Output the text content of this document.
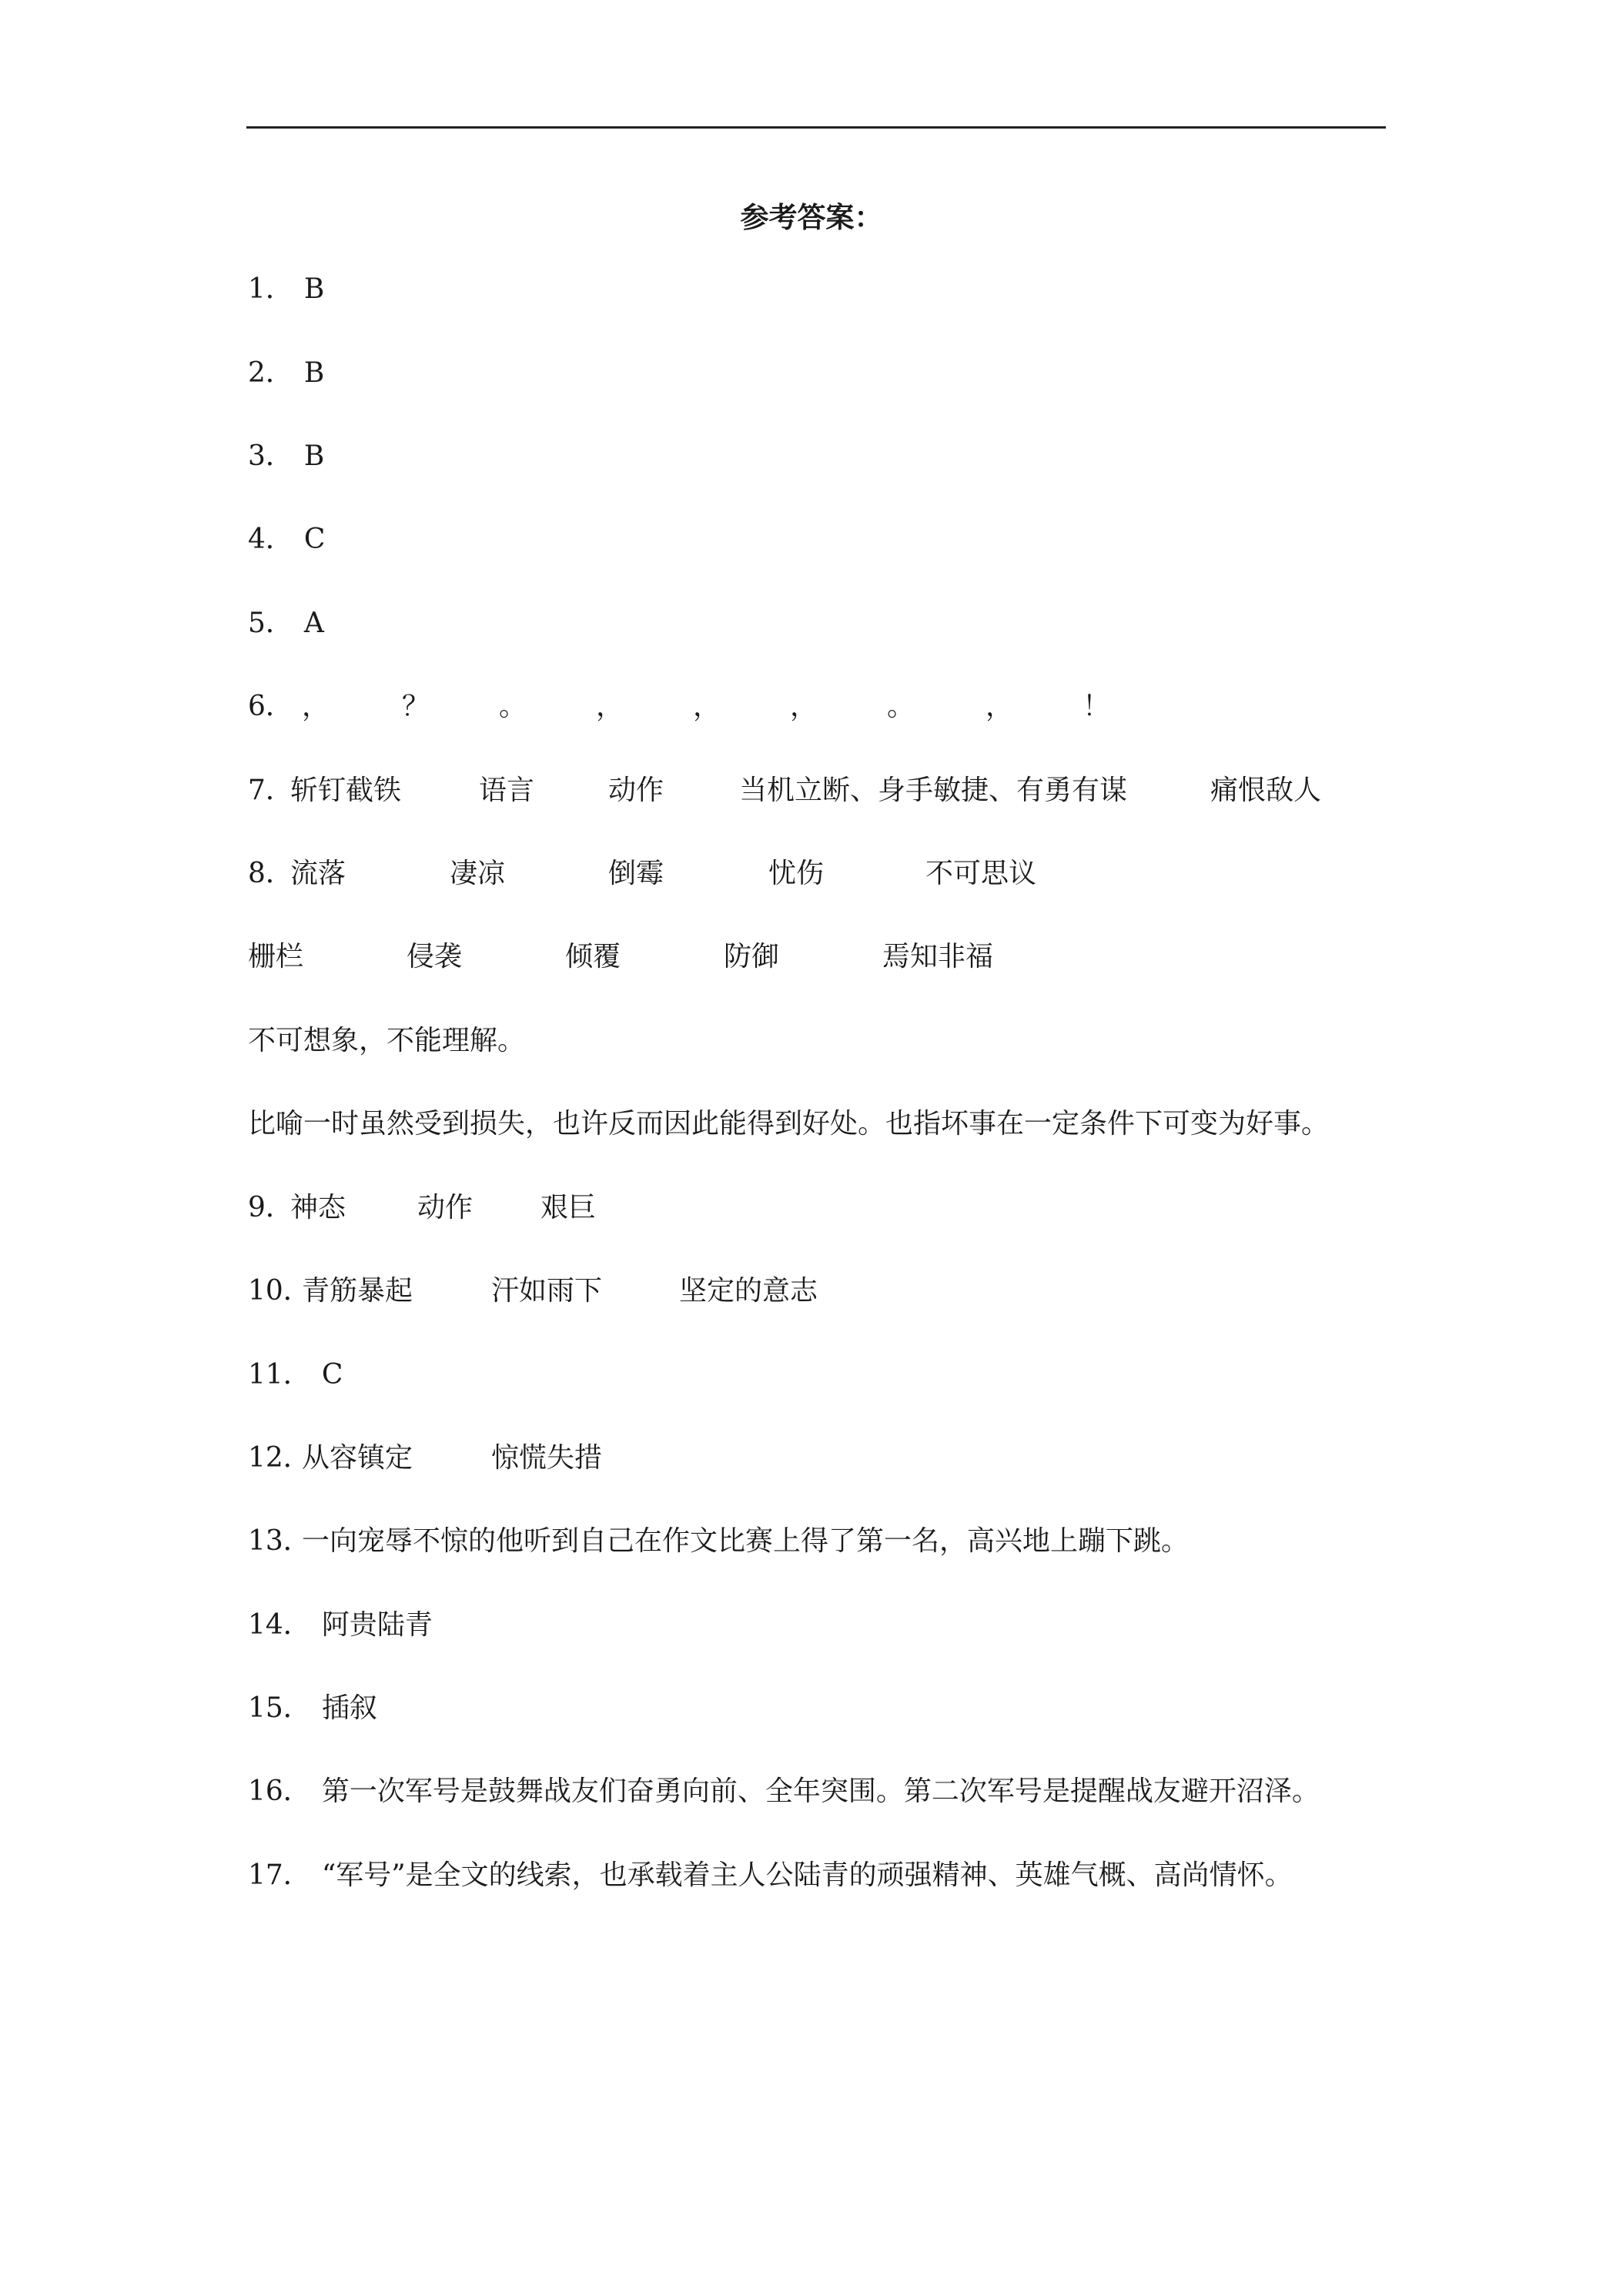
参考答案：
1． B
2． B
3． B
4． C
5． A
6． ，	？ 。 ， ， ， 。	， ！
7．
斩钉截铁	语言	动作	当机立断、身手敏捷、有勇有谋	痛恨敌人
8．
流落	凄凉	倒霉	忧伤	不可思议
栅栏	侵袭	倾覆	防御	焉知非福
不可想象，不能理解。
比喻一时虽然受到损失，也许反而因此能得到好处。也指坏事在一定条件下可变为好事。
9．
神态	动作 艰巨
10．
青筋暴起	汗如雨下	坚定的意志
11． C
12．
从容镇定	惊慌失措
13．
一向宠辱不惊的他听到自己在作文比赛上得了第一名，高兴地上蹦下跳。
14． 阿贵陆青
15． 插叙
16． 第一次军号是鼓舞战友们奋勇向前、全年突围。第二次军号是提醒战友避开沼泽。
17． “军号”是全文的线索，也承载着主人公陆青的顽强精神、英雄气概、高尚情怀。
